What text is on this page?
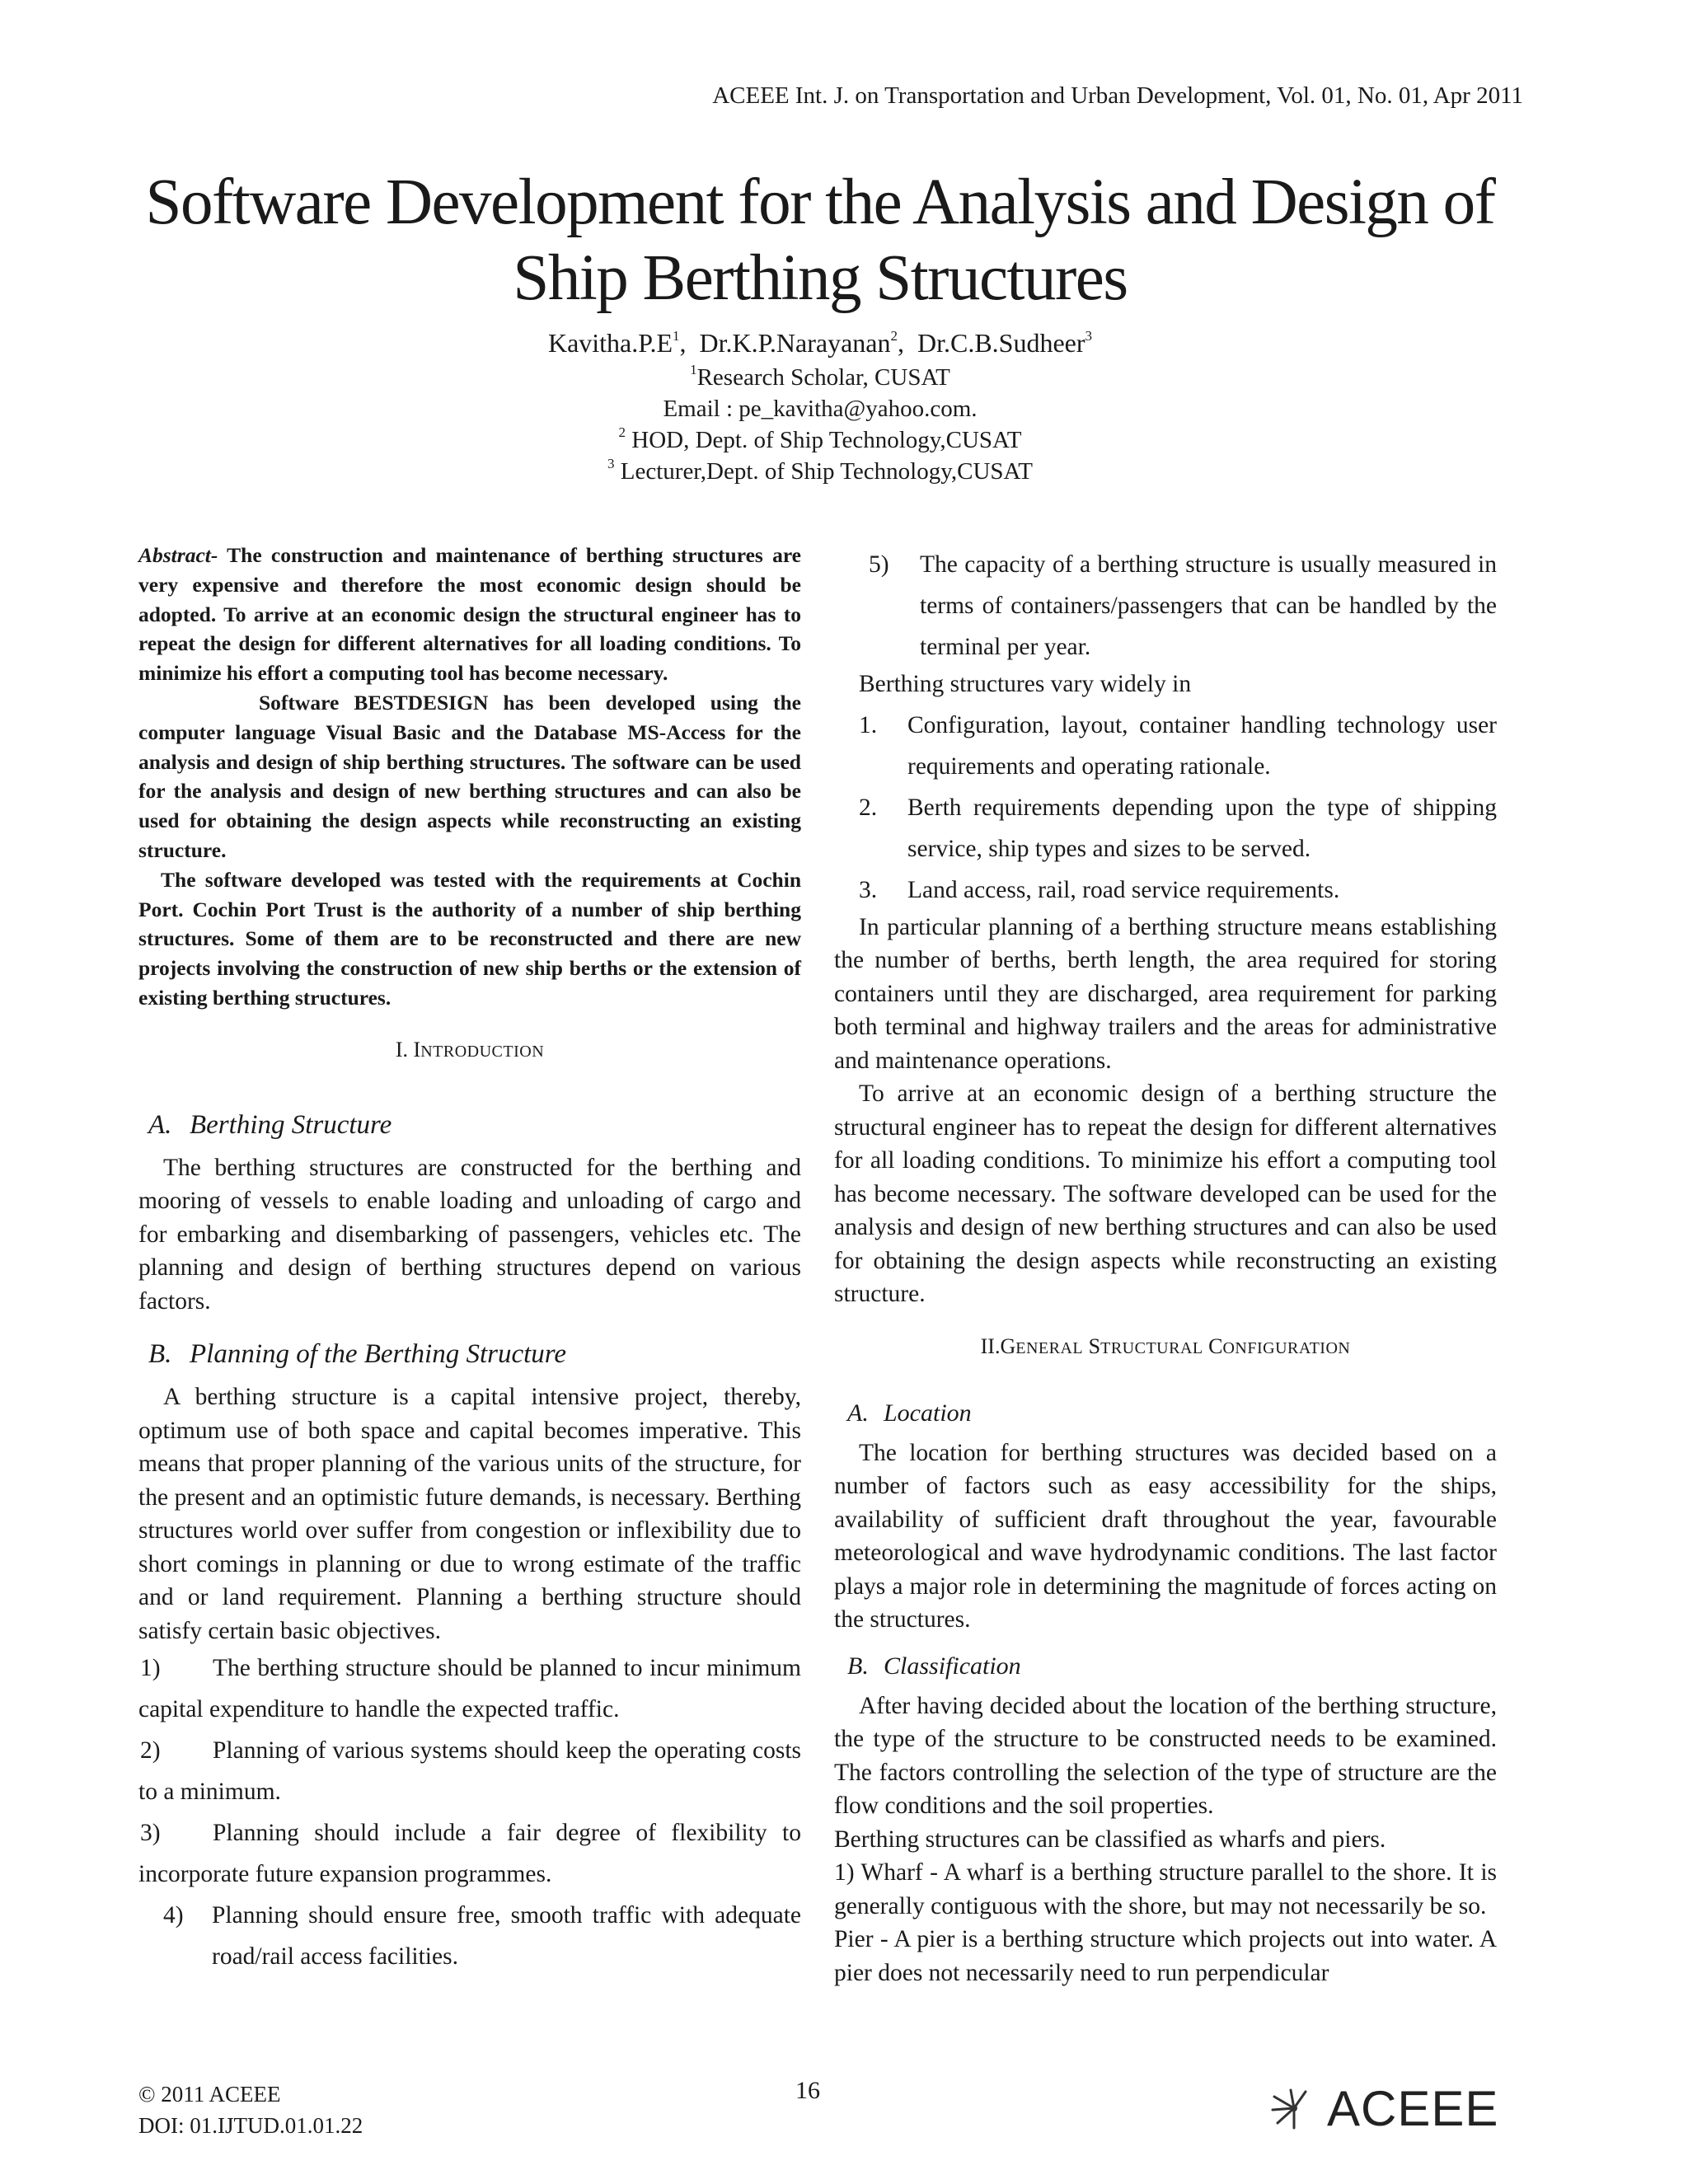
ACEEE Int. J. on Transportation and Urban Development, Vol. 01, No. 01, Apr 2011
Software Development for the Analysis and Design of
Ship Berthing Structures
$Kavitha.P.E^1$,  Dr.K.P.Narayanan$^2$,  Dr.C.B.Sudheer$^3$
$^1$Research Scholar, CUSAT
Email : pe_kavitha@yahoo.com.
$^2$ HOD, Dept. of Ship Technology,CUSAT
$^3$ Lecturer,Dept. of Ship Technology,CUSAT

Abstract- The construction and maintenance of berthing structures are very expensive and therefore the most economic design should be adopted. To arrive at an economic design the structural engineer has to repeat the design for different alternatives for all loading conditions. To minimize his effort a computing tool has become necessary.

Software BESTDESIGN has been developed using the computer language Visual Basic and the Database MS-Access for the analysis and design of ship berthing structures. The software can be used for the analysis and design of new berthing structures and can also be used for obtaining the design aspects while reconstructing an existing structure.

The software developed was tested with the requirements at Cochin Port. Cochin Port Trust is the authority of a number of ship berthing structures. Some of them are to be reconstructed and there are new projects involving the construction of new ship berths or the extension of existing berthing structures.

I. INTRODUCTION
A. Berthing Structure

The berthing structures are constructed for the berthing and mooring of vessels to enable loading and unloading of cargo and for embarking and disembarking of passengers, vehicles etc. The planning and design of berthing structures depend on various factors.

B. Planning of the Berthing Structure

A berthing structure is a capital intensive project, thereby, optimum use of both space and capital becomes imperative. This means that proper planning of the various units of the structure, for the present and an optimistic future demands, is necessary. Berthing structures world over suffer from congestion or inflexibility due to short comings in planning or due to wrong estimate of the traffic and or land requirement. Planning a berthing structure should satisfy certain basic objectives.

1) The berthing structure should be planned to incur minimum capital expenditure to handle the expected traffic.

2) Planning of various systems should keep the operating costs to a minimum.

3) Planning should include a fair degree of flexibility to incorporate future expansion programmes.

4)	Planning should ensure free, smooth traffic with adequate road/rail access facilities.
5)	The capacity of a berthing structure is usually measured in terms of containers/passengers that can be handled by the terminal per year.

Berthing structures vary widely in

1.	Configuration, layout, container handling technology user requirements and operating rationale.
2.	Berth requirements depending upon the type of shipping service, ship types and sizes to be served.
3.	Land access, rail, road service requirements.

In particular planning of a berthing structure means establishing the number of berths, berth length, the area required for storing containers until they are discharged, area requirement for parking both terminal and highway trailers and the areas for administrative and maintenance operations.

To arrive at an economic design of a berthing structure the structural engineer has to repeat the design for different alternatives for all loading conditions. To minimize his effort a computing tool has become necessary. The software developed can be used for the analysis and design of new berthing structures and can also be used for obtaining the design aspects while reconstructing an existing structure.

II.GENERAL STRUCTURAL CONFIGURATION
A. Location

The location for berthing structures was decided based on a number of factors such as easy accessibility for the ships, availability of sufficient draft throughout the year, favourable meteorological and wave hydrodynamic conditions. The last factor plays a major role in determining the magnitude of forces acting on the structures.

B. Classification

After having decided about the location of the berthing structure, the type of the structure to be constructed needs to be examined. The factors controlling the selection of the type of structure are the flow conditions and the soil properties.

Berthing structures can be classified as wharfs and piers.

1) Wharf - A wharf is a berthing structure parallel to the shore. It is generally contiguous with the shore, but may not necessarily be so.

Pier - A pier is a berthing structure which projects out into water. A pier does not necessarily need to run perpendicular

© 2011 ACEEE
DOI: 01.IJTUD.01.01.22
16	ACEEE
